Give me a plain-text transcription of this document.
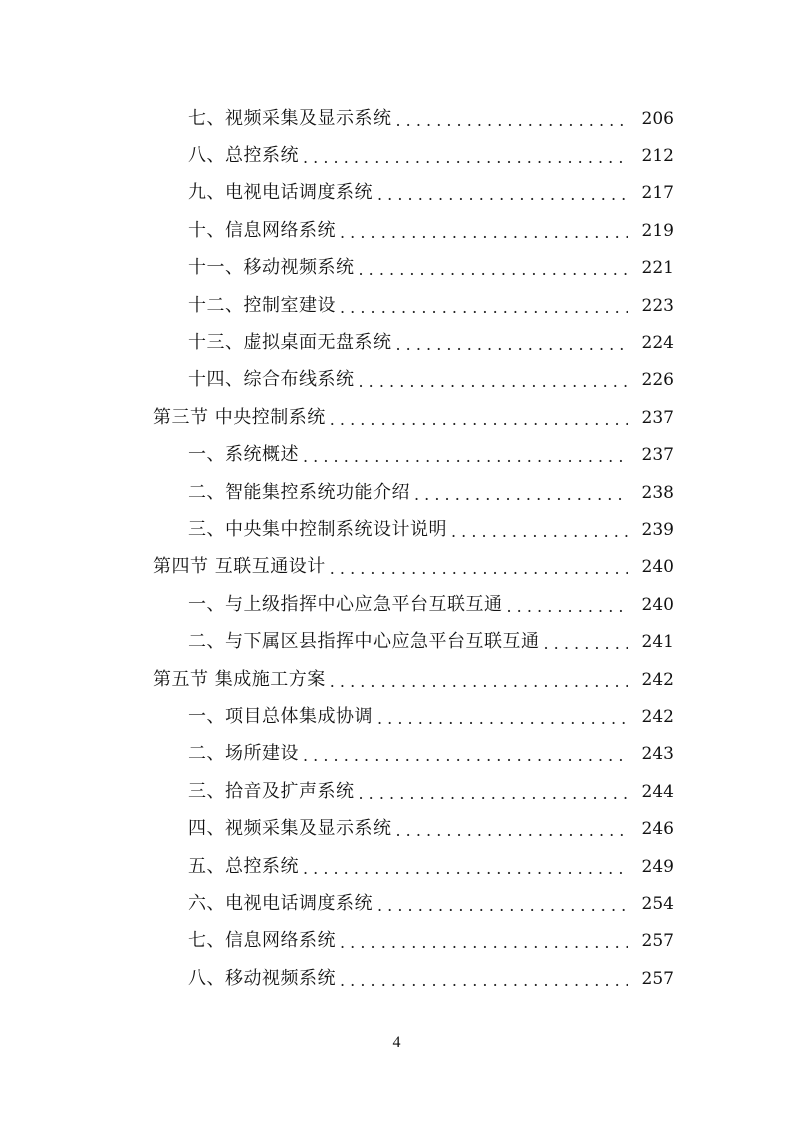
七、视频采集及显示系统 . . .	206
八、总控系统 . . .	212
九、电视电话调度系统 . . .	217
十、信息网络系统 . . .	219
十一、移动视频系统 . . .	221
十二、控制室建设 . . .	223
十三、虚拟桌面无盘系统 . . .	224
十四、综合布线系统 . . .	226
第三节 中央控制系统 . . .	237
一、系统概述 . . .	237
二、智能集控系统功能介绍 . . .	238
三、中央集中控制系统设计说明 . . .	239
第四节 互联互通设计 . . .	240
一、与上级指挥中心应急平台互联互通 . . .	240
二、与下属区县指挥中心应急平台互联互通 . . .	241
第五节 集成施工方案 . . .	242
一、项目总体集成协调 . . .	242
二、场所建设 . . .	243
三、拾音及扩声系统 . . .	244
四、视频采集及显示系统 . . .	246
五、总控系统 . . .	249
六、电视电话调度系统 . . .	254
七、信息网络系统 . . .	257
八、移动视频系统 . . .	257
4
